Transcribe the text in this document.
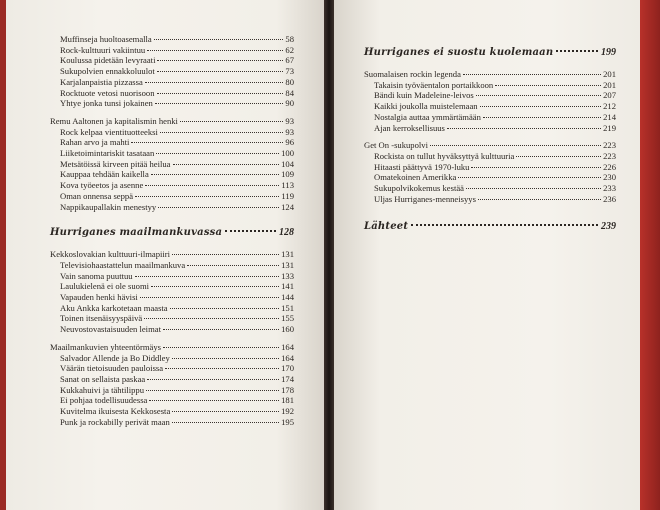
Muffinseja huoltoasemalla	58
Rock-kulttuuri vakiintuu	62
Koulussa pidetään levyraati	67
Sukupolvien ennakkoluulot	73
Karjalanpaistia pizzassa	80
Rocktuote vetosi nuorisoon	84
Yhtye jonka tunsi jokainen	90
Remu Aaltonen ja kapitalismin henki	93
Rock kelpaa vientituotteeksi	93
Rahan arvo ja mahti	96
Liiketoimintariskit tasataan	100
Metsätöissä kirveen pitää heilua	104
Kauppaa tehdään kaikella	109
Kova työeetos ja asenne	113
Oman onnensa seppä	119
Nappikaupallakin menestyy	124
Hurriganes maailmankuvassa	128
Kekkoslovakian kulttuuri-ilmapiiri	131
Televisiohaastattelun maailmankuva	131
Vain sanoma puuttuu	133
Laulukielenä ei ole suomi	141
Vapauden henki hävisi	144
Aku Ankka karkotetaan maasta	151
Toinen itsenäisyyspäivä	155
Neuvostovastaisuuden leimat	160
Maailmankuvien yhteentörmäys	164
Salvador Allende ja Bo Diddley	164
Väärän tietoisuuden pauloissa	170
Sanat on sellaista paskaa	174
Kukkahuivi ja tähtilippu	178
Ei pohjaa todellisuudessa	181
Kuvitelma ikuisesta Kekkosesta	192
Punk ja rockabilly perivät maan	195
Hurriganes ei suostu kuolemaan	199
Suomalaisen rockin legenda	201
Takaisin työväentalon portaikkoon	201
Bändi kuin Madeleine-leivos	207
Kaikki joukolla muistelemaan	212
Nostalgia auttaa ymmärtämään	214
Ajan kerroksellisuus	219
Get On -sukupolvi	223
Rockista on tullut hyväksyttyä kulttuuria	223
Hitaasti päättyvä 1970-luku	226
Omatekoinen Amerikka	230
Sukupolvikokemus kestää	233
Uljas Hurriganes-menneisyys	236
Lähteet	239
